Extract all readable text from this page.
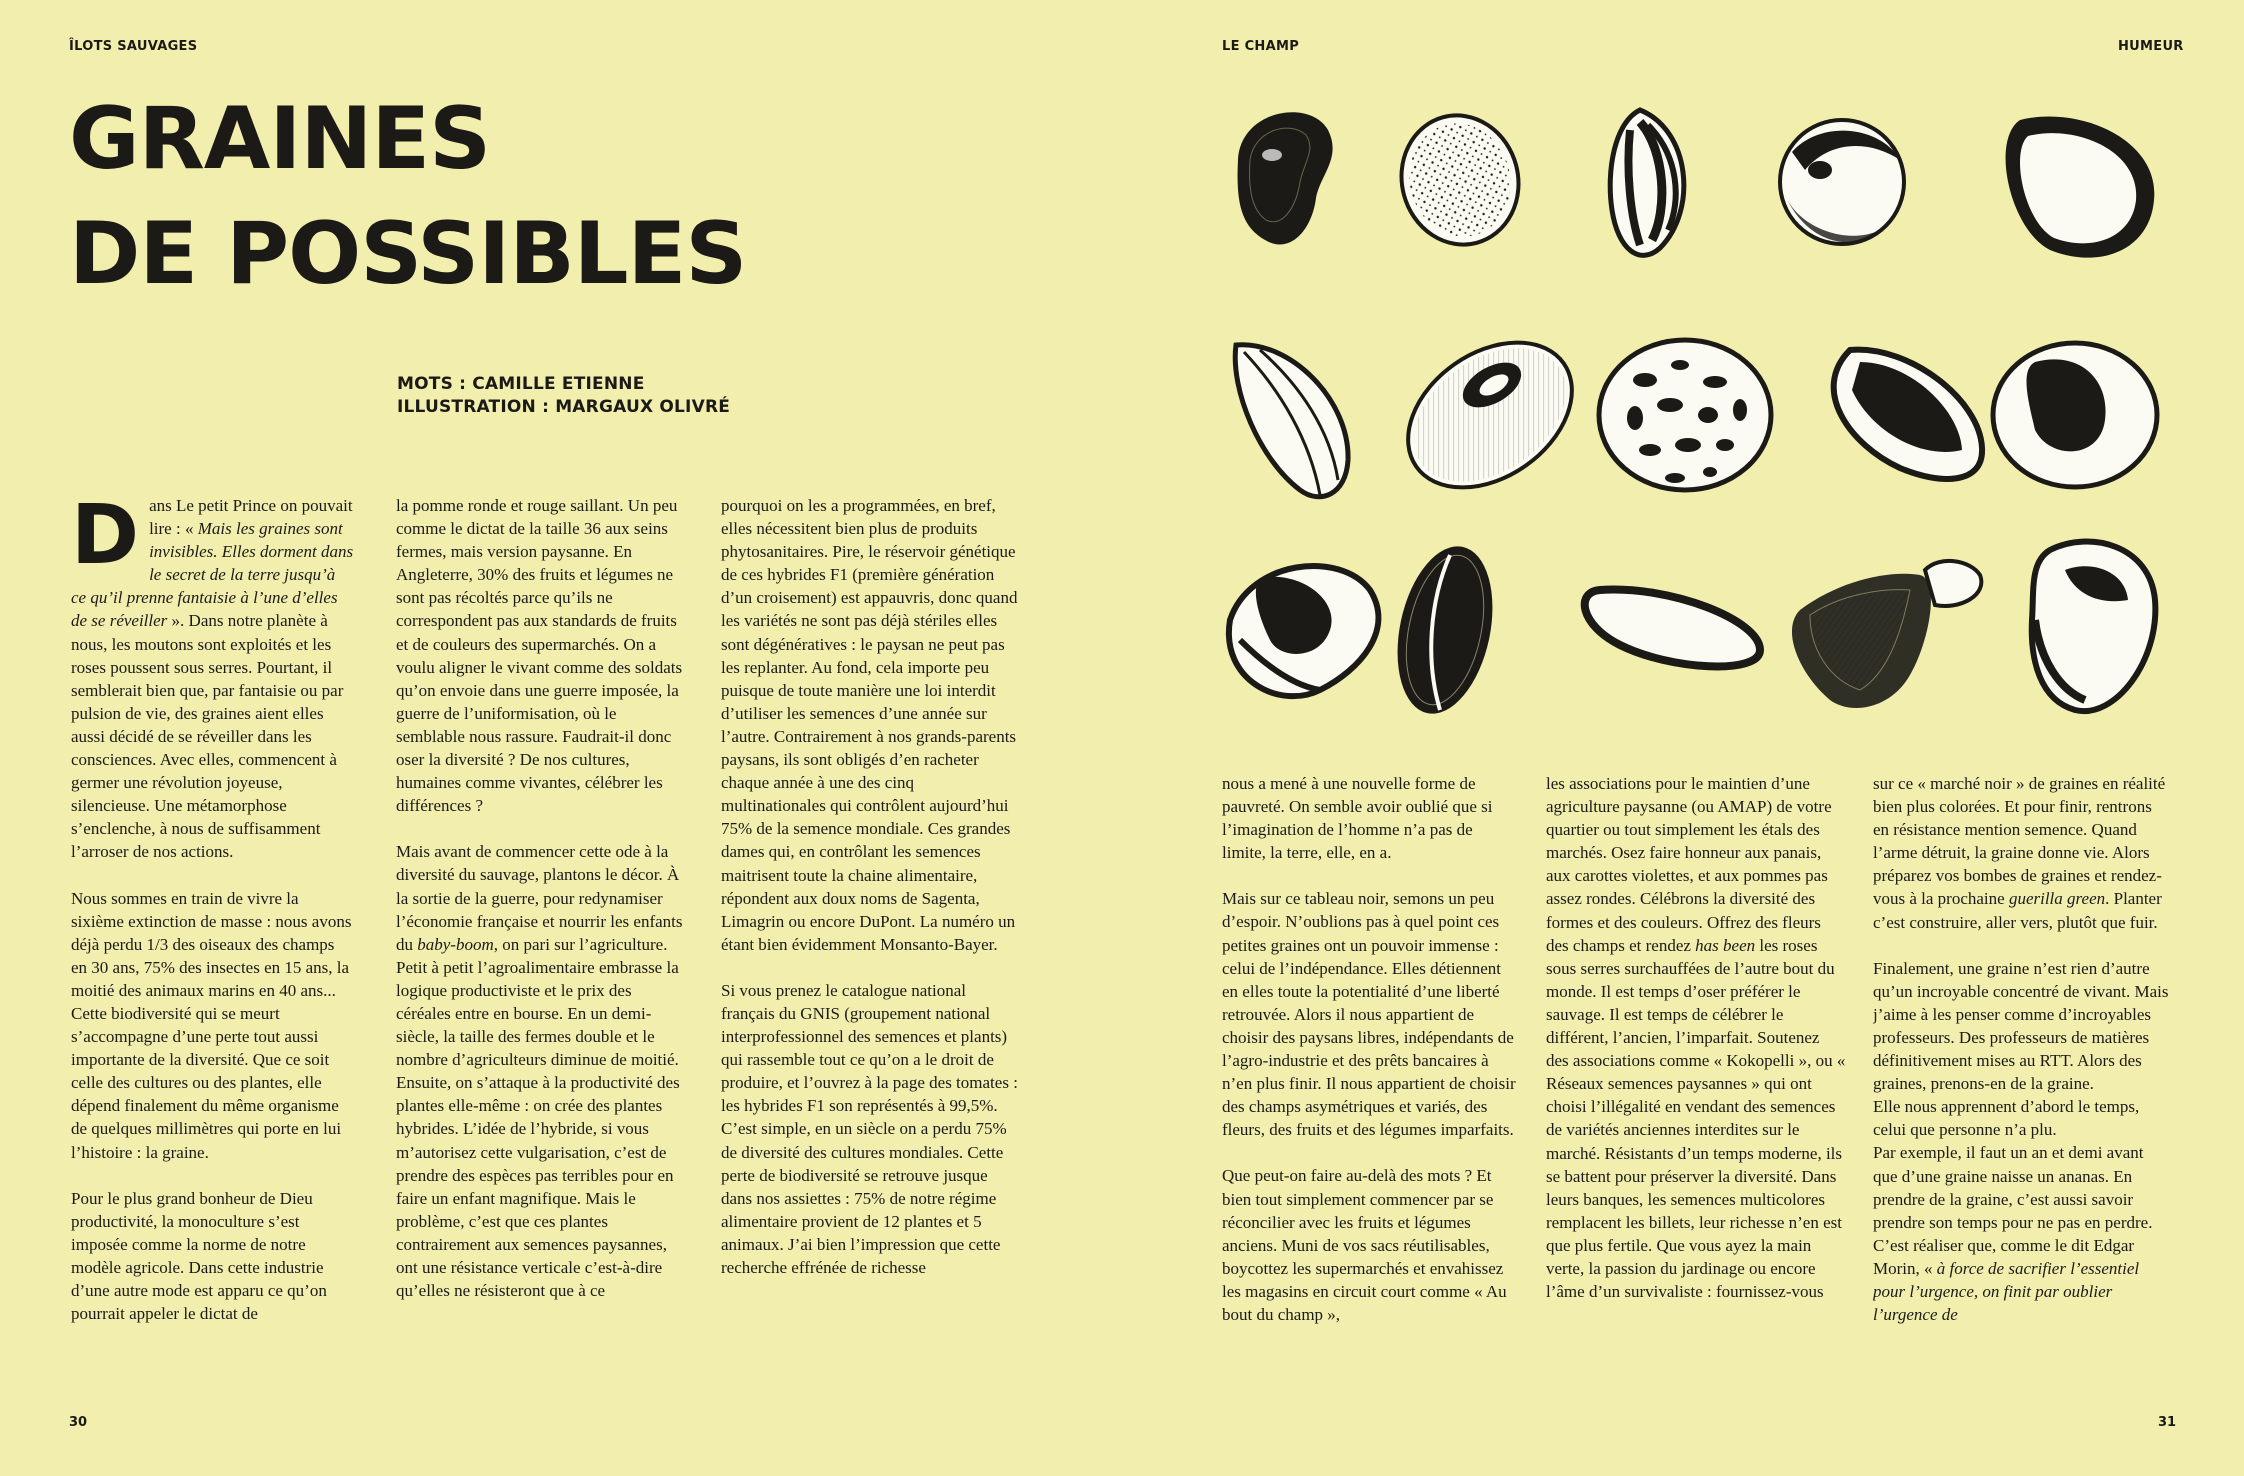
ÎLOTS SAUVAGES	LE CHAMP	HUMEUR
GRAINES
DE POSSIBLES
MOTS : CAMILLE ETIENNE
ILLUSTRATION : MARGAUX OLIVRÉ
D ans Le petit Prince on pouvait lire : « Mais les graines sont invisibles. Elles dorment dans le secret de la terre jusqu’à ce qu’il prenne fantaisie à l’une d’elles de se réveiller ». Dans notre planète à nous, les moutons sont exploités et les roses poussent sous serres. Pourtant, il semblerait bien que, par fantaisie ou par pulsion de vie, des graines aient elles aussi décidé de se réveiller dans les consciences. Avec elles, commencent à germer une révolution joyeuse, silencieuse. Une métamorphose s’enclenche, à nous de suffisamment l’arroser de nos actions.

Nous sommes en train de vivre la sixième extinction de masse : nous avons déjà perdu 1/3 des oiseaux des champs en 30 ans, 75% des insectes en 15 ans, la moitié des animaux marins en 40 ans... Cette biodiversité qui se meurt s’accompagne d’une perte tout aussi importante de la diversité. Que ce soit celle des cultures ou des plantes, elle dépend finalement du même organisme de quelques millimètres qui porte en lui l’histoire : la graine.

Pour le plus grand bonheur de Dieu productivité, la monoculture s’est imposée comme la norme de notre modèle agricole. Dans cette industrie d’une autre mode est apparu ce qu’on pourrait appeler le dictat de

la pomme ronde et rouge saillant. Un peu comme le dictat de la taille 36 aux seins fermes, mais version paysanne. En Angleterre, 30% des fruits et légumes ne sont pas récoltés parce qu’ils ne correspondent pas aux standards de fruits et de couleurs des supermarchés. On a voulu aligner le vivant comme des soldats qu’on envoie dans une guerre imposée, la guerre de l’uniformisation, où le semblable nous rassure. Faudrait-il donc oser la diversité ? De nos cultures, humaines comme vivantes, célébrer les différences ?

Mais avant de commencer cette ode à la diversité du sauvage, plantons le décor. À la sortie de la guerre, pour redynamiser l’économie française et nourrir les enfants du baby-boom, on pari sur l’agriculture. Petit à petit l’agroalimentaire embrasse la logique productiviste et le prix des céréales entre en bourse. En un demi-siècle, la taille des fermes double et le nombre d’agriculteurs diminue de moitié. Ensuite, on s’attaque à la productivité des plantes elle-même : on crée des plantes hybrides. L’idée de l’hybride, si vous m’autorisez cette vulgarisation, c’est de prendre des espèces pas terribles pour en faire un enfant magnifique. Mais le problème, c’est que ces plantes contrairement aux semences paysannes, ont une résistance verticale c’est-à-dire qu’elles ne résisteront que à ce

pourquoi on les a programmées, en bref, elles nécessitent bien plus de produits phytosanitaires. Pire, le réservoir génétique de ces hybrides F1 (première génération d’un croisement) est appauvris, donc quand les variétés ne sont pas déjà stériles elles sont dégénératives : le paysan ne peut pas les replanter. Au fond, cela importe peu puisque de toute manière une loi interdit d’utiliser les semences d’une année sur l’autre. Contrairement à nos grands-parents paysans, ils sont obligés d’en racheter chaque année à une des cinq multinationales qui contrôlent aujourd’hui 75% de la semence mondiale. Ces grandes dames qui, en contrôlant les semences maitrisent toute la chaine alimentaire, répondent aux doux noms de Sagenta, Limagrin ou encore DuPont. La numéro un étant bien évidemment Monsanto-Bayer.

Si vous prenez le catalogue national français du GNIS (groupement national interprofessionnel des semences et plants) qui rassemble tout ce qu’on a le droit de produire, et l’ouvrez à la page des tomates : les hybrides F1 son représentés à 99,5%. C’est simple, en un siècle on a perdu 75% de diversité des cultures mondiales. Cette perte de biodiversité se retrouve jusque dans nos assiettes : 75% de notre régime alimentaire provient de 12 plantes et 5 animaux. J’ai bien l’impression que cette recherche effrénée de richesse

nous a mené à une nouvelle forme de pauvreté. On semble avoir oublié que si l’imagination de l’homme n’a pas de limite, la terre, elle, en a.

Mais sur ce tableau noir, semons un peu d’espoir. N’oublions pas à quel point ces petites graines ont un pouvoir immense : celui de l’indépendance. Elles détiennent en elles toute la potentialité d’une liberté retrouvée. Alors il nous appartient de choisir des paysans libres, indépendants de l’agro-industrie et des prêts bancaires à n’en plus finir. Il nous appartient de choisir des champs asymétriques et variés, des fleurs, des fruits et des légumes imparfaits.

Que peut-on faire au-delà des mots ? Et bien tout simplement commencer par se réconcilier avec les fruits et légumes anciens. Muni de vos sacs réutilisables, boycottez les supermarchés et envahissez les magasins en circuit court comme « Au bout du champ »,

les associations pour le maintien d’une agriculture paysanne (ou AMAP) de votre quartier ou tout simplement les étals des marchés. Osez faire honneur aux panais, aux carottes violettes, et aux pommes pas assez rondes. Célébrons la diversité des formes et des couleurs. Offrez des fleurs des champs et rendez has been les roses sous serres surchauffées de l’autre bout du monde. Il est temps d’oser préférer le sauvage. Il est temps de célébrer le différent, l’ancien, l’imparfait. Soutenez des associations comme « Kokopelli », ou « Réseaux semences paysannes » qui ont choisi l’illégalité en vendant des semences de variétés anciennes interdites sur le marché. Résistants d’un temps moderne, ils se battent pour préserver la diversité. Dans leurs banques, les semences multicolores remplacent les billets, leur richesse n’en est que plus fertile. Que vous ayez la main verte, la passion du jardinage ou encore l’âme d’un survivaliste : fournissez-vous

sur ce « marché noir » de graines en réalité bien plus colorées. Et pour finir, rentrons en résistance mention semence. Quand l’arme détruit, la graine donne vie. Alors préparez vos bombes de graines et rendez-vous à la prochaine guerilla green. Planter c’est construire, aller vers, plutôt que fuir.

Finalement, une graine n’est rien d’autre qu’un incroyable concentré de vivant. Mais j’aime à les penser comme d’incroyables professeurs. Des professeurs de matières définitivement mises au RTT. Alors des graines, prenons-en de la graine.
Elle nous apprennent d’abord le temps, celui que personne n’a plu.
Par exemple, il faut un an et demi avant que d’une graine naisse un ananas. En prendre de la graine, c’est aussi savoir prendre son temps pour ne pas en perdre. C’est réaliser que, comme le dit Edgar Morin, « à force de sacrifier l’essentiel pour l’urgence, on finit par oublier l’urgence de

30	31
